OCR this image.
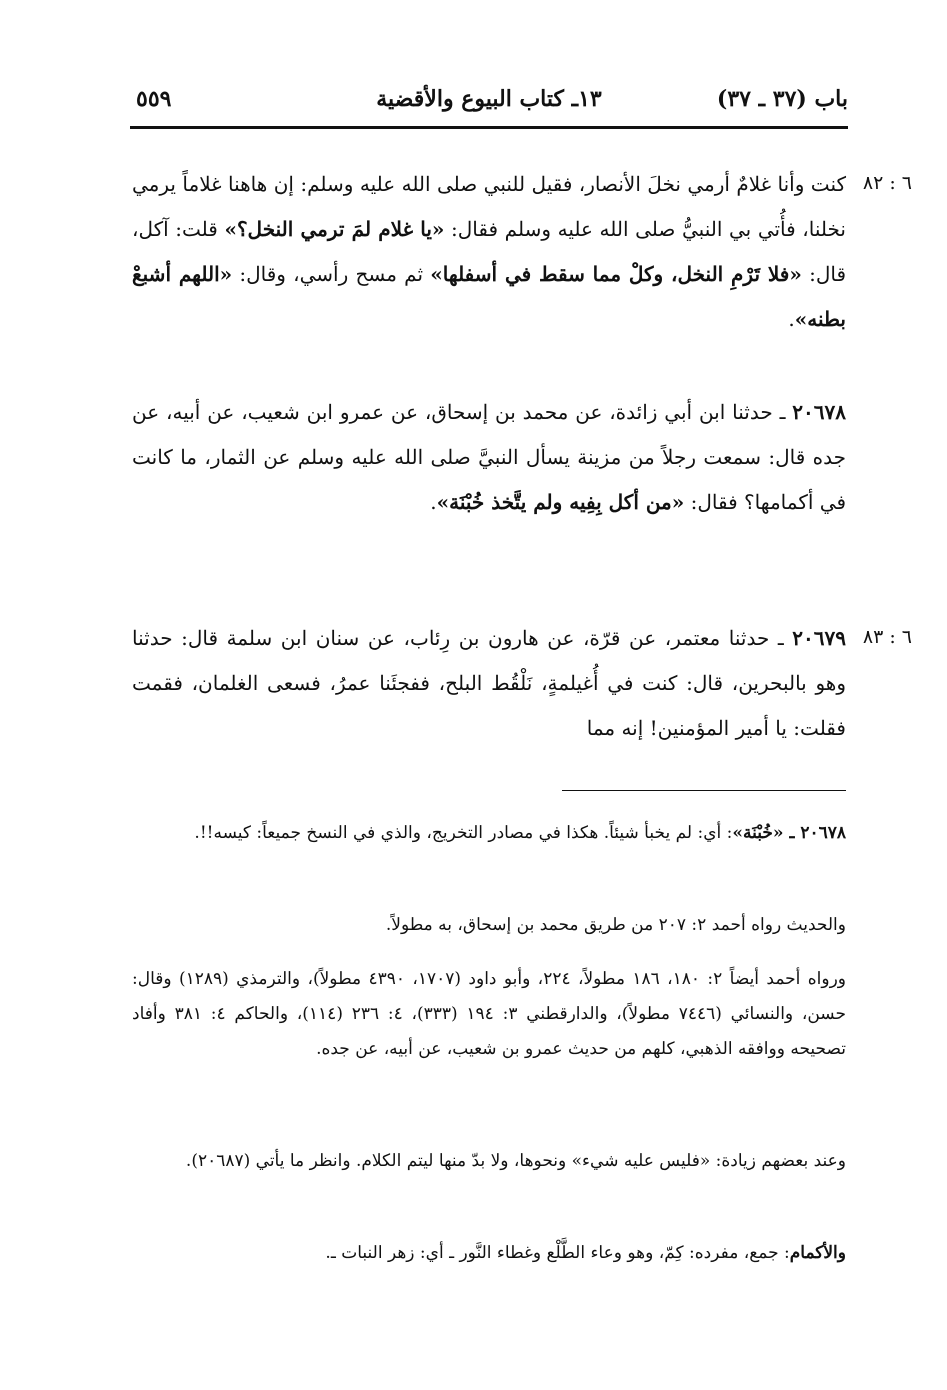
باب (٣٧ ـ ٣٧)
١٣ـ كتاب البيوع والأقضية
٥٥٩
٦ : ٨٢
كنت وأنا غلامٌ أرمي نخلَ الأنصار، فقيل للنبي صلى الله عليه وسلم: إن هاهنا غلاماً يرمي نخلنا، فأُتي بي النبيُّ صلى الله عليه وسلم فقال: «يا غلام لمَ ترمي النخل؟» قلت: آكل، قال: «فلا تَرْمِ النخل، وكلْ مما سقط في أسفلها» ثم مسح رأسي، وقال: «اللهم أشبعْ بطنه».
٢٠٦٧٨ ـ حدثنا ابن أبي زائدة، عن محمد بن إسحاق، عن عمرو ابن شعيب، عن أبيه، عن جده قال: سمعت رجلاً من مزينة يسأل النبيَّ صلى الله عليه وسلم عن الثمار، ما كانت في أكمامها؟ فقال: «من أكل بِفِيه ولم يتَّخذ خُبْنَة».
٦ : ٨٣
٢٠٦٧٩ ـ حدثنا معتمر، عن قرّة، عن هارون بن رِئاب، عن سنان ابن سلمة قال: حدثنا وهو بالبحرين، قال: كنت في أُغيلمةٍ، نَلْقُط البلح، ففجئَنا عمرُ، فسعى الغلمان، فقمت فقلت: يا أمير المؤمنين! إنه مما
٢٠٦٧٨ ـ «خُبْنَة»: أي: لم يخبأ شيئاً. هكذا في مصادر التخريج، والذي في النسخ جميعاً: كيسه!!.
والحديث رواه أحمد ٢: ٢٠٧ من طريق محمد بن إسحاق، به مطولاً.
ورواه أحمد أيضاً ٢: ١٨٠، ١٨٦ مطولاً، ٢٢٤، وأبو داود (١٧٠٧، ٤٣٩٠ مطولاً)، والترمذي (١٢٨٩) وقال: حسن، والنسائي (٧٤٤٦ مطولاً)، والدارقطني ٣: ١٩٤ (٣٣٣)، ٤: ٢٣٦ (١١٤)، والحاكم ٤: ٣٨١ وأفاد تصحيحه ووافقه الذهبي، كلهم من حديث عمرو بن شعيب، عن أبيه، عن جده.
وعند بعضهم زيادة: «فليس عليه شيء» ونحوها، ولا بدّ منها ليتم الكلام. وانظر ما يأتي (٢٠٦٨٧).
والأكمام: جمع، مفرده: كِمّ، وهو وعاء الطَّلْع وغطاء النَّور ـ أي: زهر النبات ـ.
